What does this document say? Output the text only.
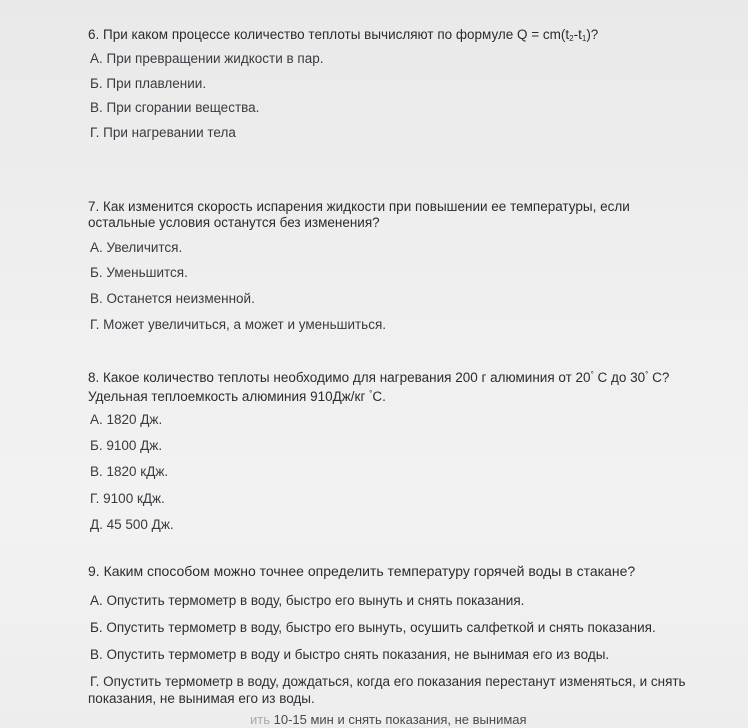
6. При каком процессе количество теплоты вычисляют по формуле $Q = cm(t_2-t_1)$?

А. При превращении жидкости в пар.

Б. При плавлении.

В. При сгорании вещества.

Г. При нагревании тела

7. Как изменится скорость испарения жидкости при повышении ее температуры, если
остальные условия останутся без изменения?

А. Увеличится.

Б. Уменьшится.

В. Останется неизменной.

Г. Может увеличиться, а может и уменьшиться.

8. Какое количество теплоты необходимо для нагревания 200 г алюминия от 20° С до 30° С?
Удельная теплоемкость алюминия 910Дж/кг °С.

А. 1820 Дж.

Б. 9100 Дж.

В. 1820 кДж.

Г. 9100 кДж.

Д. 45 500 Дж.

9. Каким способом можно точнее определить температуру горячей воды в стакане?

А. Опустить термометр в воду, быстро его вынуть и снять показания.

Б. Опустить термометр в воду, быстро его вынуть, осушить салфеткой и снять показания.

В. Опустить термометр в воду и быстро снять показания, не вынимая его из воды.

Г. Опустить термометр в воду, дождаться, когда его показания перестанут изменяться, и снять
показания, не вынимая его из воды.

ить 10-15 мин и снять показания, не вынимая
